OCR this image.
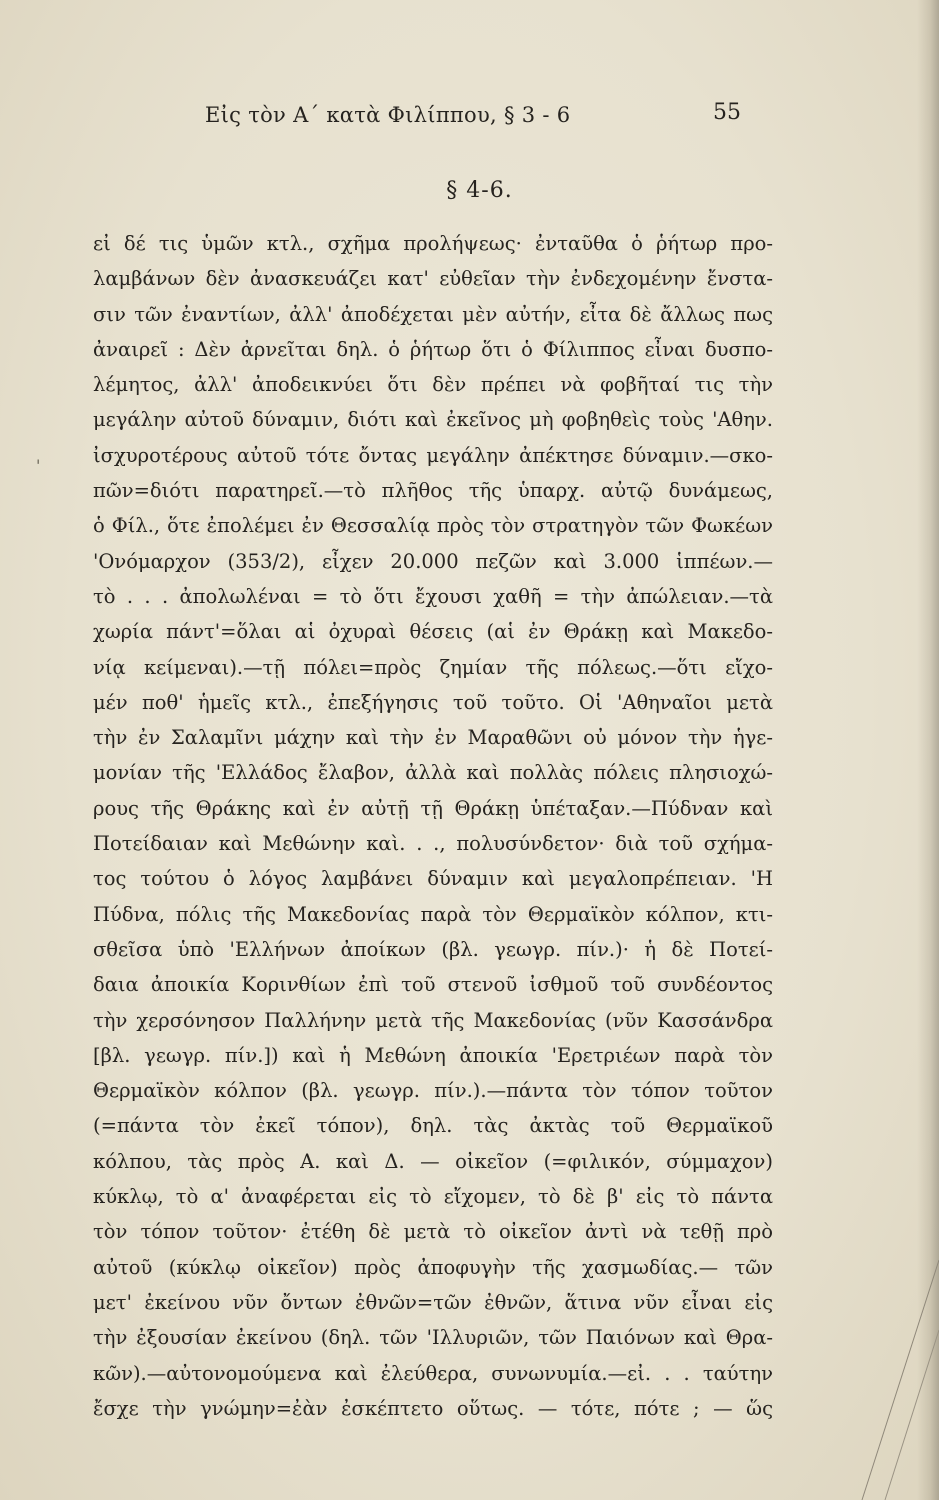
Εἰς τὸν Α΄ κατὰ Φιλίππου, § 3 - 6	55
§ 4-6.
'
εἰ δέ τις ὑμῶν κτλ., σχῆμα προλήψεως· ἐνταῦθα ὁ ῥήτωρ προ-
λαμβάνων δὲν ἀνασκευάζει κατ' εὐθεῖαν τὴν ἐνδεχομένην ἔνστα-
σιν τῶν ἐναντίων, ἀλλ' ἀποδέχεται μὲν αὐτήν, εἶτα δὲ ἄλλως πως
ἀναιρεῖ : Δὲν ἀρνεῖται δηλ. ὁ ῥήτωρ ὅτι ὁ Φίλιππος εἶναι δυσπο-
λέμητος, ἀλλ' ἀποδεικνύει ὅτι δὲν πρέπει νὰ φοβῆταί τις τὴν
μεγάλην αὐτοῦ δύναμιν, διότι καὶ ἐκεῖνος μὴ φοβηθεὶς τοὺς 'Αθην.
ἰσχυροτέρους αὐτοῦ τότε ὄντας μεγάλην ἀπέκτησε δύναμιν.—σκο-
πῶν=διότι παρατηρεῖ.—τὸ πλῆθος τῆς ὑπαρχ. αὐτῷ δυνάμεως,
ὁ Φίλ., ὅτε ἐπολέμει ἐν Θεσσαλίᾳ πρὸς τὸν στρατηγὸν τῶν Φωκέων
'Ονόμαρχον (353/2), εἶχεν 20.000 πεζῶν καὶ 3.000 ἱππέων.—
τὸ . . . ἀπολωλέναι = τὸ ὅτι ἔχουσι χαθῆ = τὴν ἀπώλειαν.—τὰ
χωρία πάντ'=ὅλαι αἱ ὀχυραὶ θέσεις (αἱ ἐν Θράκῃ καὶ Μακεδο-
νίᾳ κείμεναι).—τῇ πόλει=πρὸς ζημίαν τῆς πόλεως.—ὅτι εἴχο-
μέν ποθ' ἡμεῖς κτλ., ἐπεξήγησις τοῦ τοῦτο. Οἱ 'Αθηναῖοι μετὰ
τὴν ἐν Σαλαμῖνι μάχην καὶ τὴν ἐν Μαραθῶνι οὐ μόνον τὴν ἡγε-
μονίαν τῆς 'Ελλάδος ἔλαβον, ἀλλὰ καὶ πολλὰς πόλεις πλησιοχώ-
ρους τῆς Θράκης καὶ ἐν αὐτῇ τῇ Θράκῃ ὑπέταξαν.—Πύδναν καὶ
Ποτείδαιαν καὶ Μεθώνην καὶ. . ., πολυσύνδετον· διὰ τοῦ σχήμα-
τος τούτου ὁ λόγος λαμβάνει δύναμιν καὶ μεγαλοπρέπειαν. 'Η
Πύδνα, πόλις τῆς Μακεδονίας παρὰ τὸν Θερμαϊκὸν κόλπον, κτι-
σθεῖσα ὑπὸ 'Ελλήνων ἀποίκων (βλ. γεωγρ. πίν.)· ἡ δὲ Ποτεί-
δαια ἀποικία Κορινθίων ἐπὶ τοῦ στενοῦ ἰσθμοῦ τοῦ συνδέοντος
τὴν χερσόνησον Παλλήνην μετὰ τῆς Μακεδονίας (νῦν Κασσάνδρα
[βλ. γεωγρ. πίν.]) καὶ ἡ Μεθώνη ἀποικία 'Ερετριέων παρὰ τὸν
Θερμαϊκὸν κόλπον (βλ. γεωγρ. πίν.).—πάντα τὸν τόπον τοῦτον
(=πάντα τὸν ἐκεῖ τόπον), δηλ. τὰς ἀκτὰς τοῦ Θερμαϊκοῦ
κόλπου, τὰς πρὸς Α. καὶ Δ. — οἰκεῖον (=φιλικόν, σύμμαχον)
κύκλῳ, τὸ α' ἀναφέρεται εἰς τὸ εἴχομεν, τὸ δὲ β' εἰς τὸ πάντα
τὸν τόπον τοῦτον· ἐτέθη δὲ μετὰ τὸ οἰκεῖον ἀντὶ νὰ τεθῇ πρὸ
αὐτοῦ (κύκλῳ οἰκεῖον) πρὸς ἀποφυγὴν τῆς χασμωδίας.— τῶν
μετ' ἐκείνου νῦν ὄντων ἐθνῶν=τῶν ἐθνῶν, ἅτινα νῦν εἶναι εἰς
τὴν ἐξουσίαν ἐκείνου (δηλ. τῶν 'Ιλλυριῶν, τῶν Παιόνων καὶ Θρα-
κῶν).—αὐτονομούμενα καὶ ἐλεύθερα, συνωνυμία.—εἰ. . . ταύτην
ἔσχε τὴν γνώμην=ἐὰν ἐσκέπτετο οὕτως. — τότε, πότε ; — ὥς
